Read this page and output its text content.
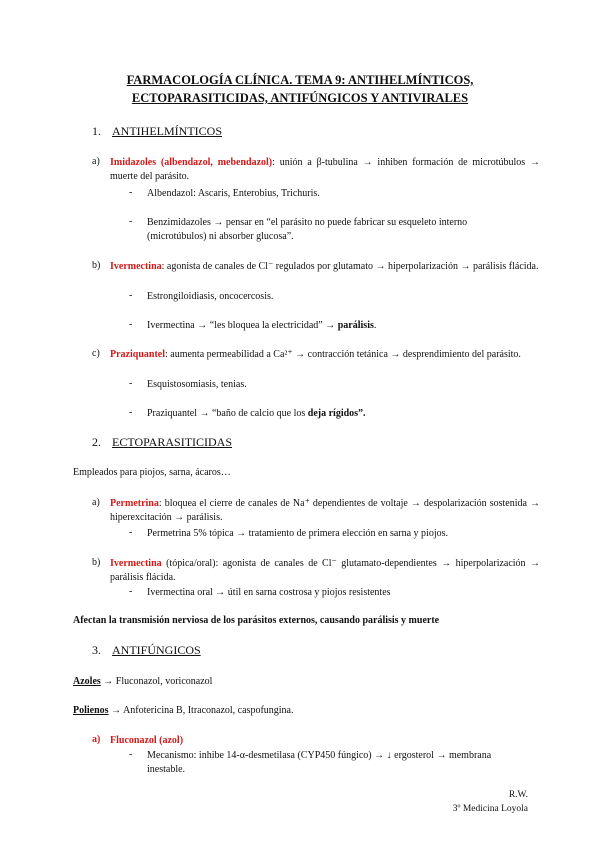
FARMACOLOGÍA CLÍNICA. TEMA 9: ANTIHELMÍNTICOS,
ECTOPARASITICIDAS, ANTIFÚNGICOS Y ANTIVIRALES
1. ANTIHELMÍNTICOS
a) Imidazoles (albendazol, mebendazol): unión a β-tubulina → inhiben formación de microtúbulos → muerte del parásito.
- Albendazol: Ascaris, Enterobius, Trichuris.
- Benzimidazoles → pensar en “el parásito no puede fabricar su esqueleto interno (microtúbulos) ni absorber glucosa”.
b) Ivermectina: agonista de canales de Cl⁻ regulados por glutamato → hiperpolarización → parálisis flácida.
- Estrongiloidiasis, oncocercosis.
- Ivermectina → “les bloquea la electricidad” → parálisis.
c) Praziquantel: aumenta permeabilidad a Ca²⁺ → contracción tetánica → desprendimiento del parásito.
- Esquistosomiasis, tenias.
- Praziquantel → “baño de calcio que los deja rígidos”.
2. ECTOPARASITICIDAS
Empleados para piojos, sarna, ácaros…
a) Permetrina: bloquea el cierre de canales de Na⁺ dependientes de voltaje → despolarización sostenida → hiperexcitación → parálisis.
- Permetrina 5% tópica → tratamiento de primera elección en sarna y piojos.
b) Ivermectina (tópica/oral): agonista de canales de Cl⁻ glutamato-dependientes → hiperpolarización → parálisis flácida.
- Ivermectina oral → útil en sarna costrosa y piojos resistentes
Afectan la transmisión nerviosa de los parásitos externos, causando parálisis y muerte
3. ANTIFÚNGICOS
Azoles → Fluconazol, voriconazol
Polienos → Anfotericina B, Itraconazol, caspofungina.
a) Fluconazol (azol)
- Mecanismo: inhibe 14-α-desmetilasa (CYP450 fúngico) → ↓ ergosterol → membrana inestable.
R.W.
3º Medicina Loyola
